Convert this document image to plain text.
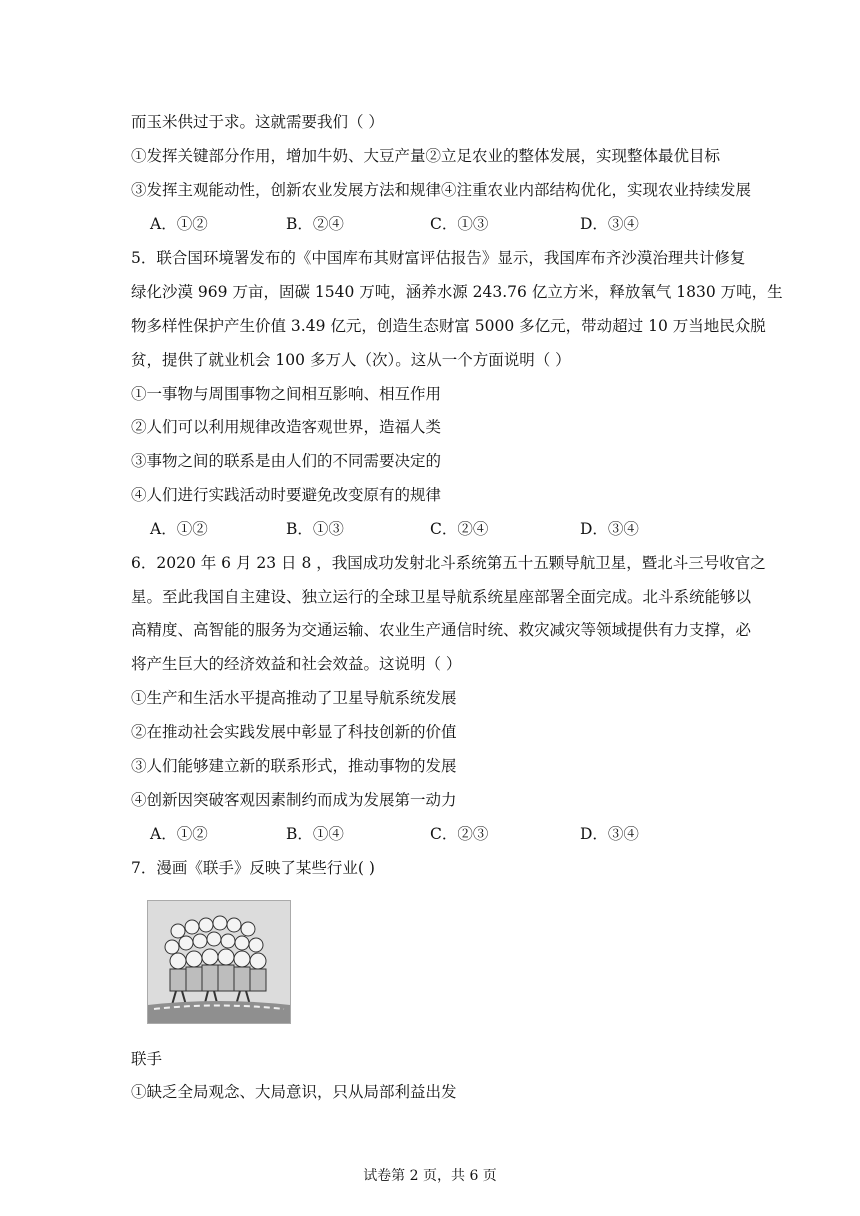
而玉米供过于求。这就需要我们（ ）
①发挥关键部分作用，增加牛奶、大豆产量②立足农业的整体发展，实现整体最优目标
③发挥主观能动性，创新农业发展方法和规律④注重农业内部结构优化，实现农业持续发展
A．①②	B．②④	C．①③	D．③④
5．联合国环境署发布的《中国库布其财富评估报告》显示，我国库布齐沙漠治理共计修复
绿化沙漠 969 万亩，固碳 1540 万吨，涵养水源 243.76 亿立方米，释放氧气 1830 万吨，生
物多样性保护产生价值 3.49 亿元，创造生态财富 5000 多亿元，带动超过 10 万当地民众脱
贫，提供了就业机会 100 多万人（次）。这从一个方面说明（ ）
①一事物与周围事物之间相互影响、相互作用
②人们可以利用规律改造客观世界，造福人类
③事物之间的联系是由人们的不同需要决定的
④人们进行实践活动时要避免改变原有的规律
A．①②	B．①③	C．②④	D．③④
6．2020 年 6 月 23 日 8 ，我国成功发射北斗系统第五十五颗导航卫星，暨北斗三号收官之
星。至此我国自主建设、独立运行的全球卫星导航系统星座部署全面完成。北斗系统能够以
高精度、高智能的服务为交通运输、农业生产通信时统、救灾减灾等领域提供有力支撑，必
将产生巨大的经济效益和社会效益。这说明（ ）
①生产和生活水平提高推动了卫星导航系统发展
②在推动社会实践发展中彰显了科技创新的价值
③人们能够建立新的联系形式，推动事物的发展
④创新因突破客观因素制约而成为发展第一动力
A．①②	B．①④	C．②③	D．③④
7．漫画《联手》反映了某些行业( )
联手
①缺乏全局观念、大局意识，只从局部利益出发
试卷第 2 页，共 6 页
